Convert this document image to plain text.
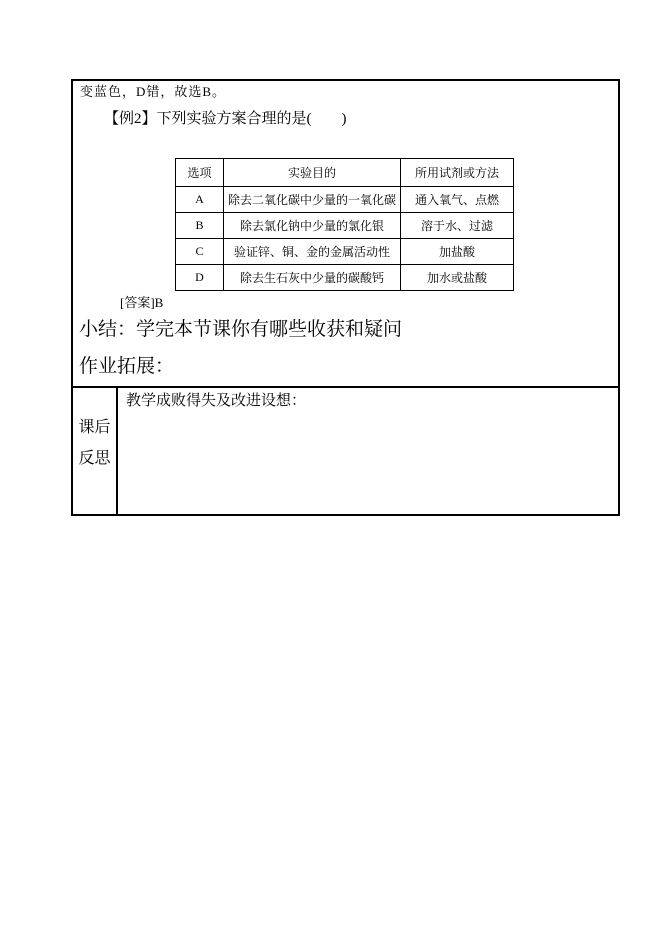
变蓝色，D错，故选B。
【例2】下列实验方案合理的是(　　)
选项	实验目的	所用试剂或方法
A	除去二氧化碳中少量的一氧化碳	通入氧气、点燃
B	除去氯化钠中少量的氯化银	溶于水、过滤
C	验证锌、铜、金的金属活动性	加盐酸
D	除去生石灰中少量的碳酸钙	加水或盐酸
[答案]B
小结：学完本节课你有哪些收获和疑问
作业拓展：
课后
反思
教学成败得失及改进设想：
